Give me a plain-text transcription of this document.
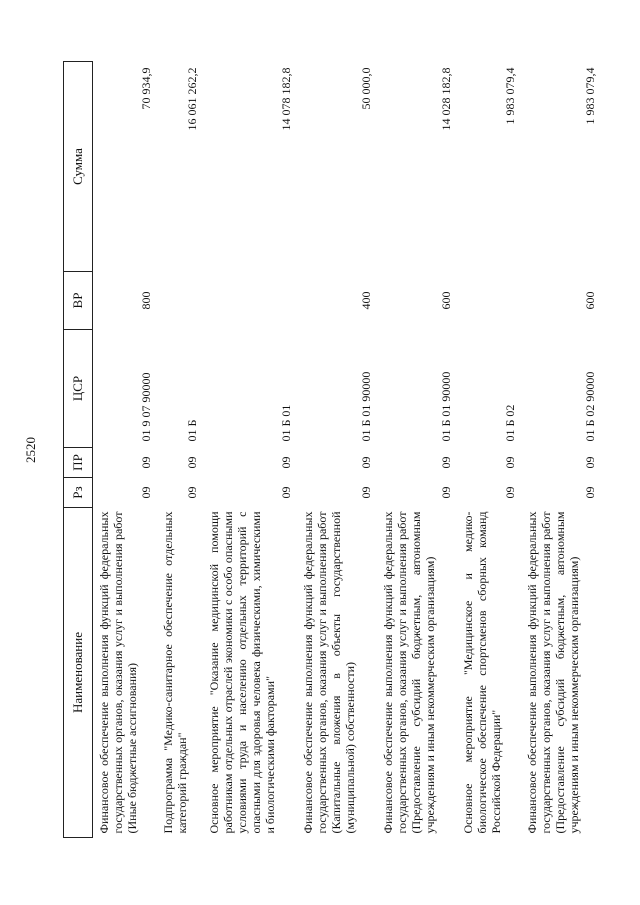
2520
Наименование	Рз	ПР	ЦСР	ВР	Сумма
Финансовое обеспечение выполнения функций федеральных государственных органов, оказания услуг и выполнения работ (Иные бюджетные ассигнования)	09	09	01 9 07 90000	800	70 934,9
Подпрограмма "Медико-санитарное обеспечение отдельных категорий граждан"	09	09	01 Б		16 061 262,2
Основное мероприятие "Оказание медицинской помощи работникам отдельных отраслей экономики с особо опасными условиями труда и населению отдельных территорий с опасными для здоровья человека физическими, химическими и биологическими факторами"	09	09	01 Б 01		14 078 182,8
Финансовое обеспечение выполнения функций федеральных государственных органов, оказания услуг и выполнения работ (Капитальные вложения в объекты государственной (муниципальной) собственности)	09	09	01 Б 01 90000	400	50 000,0
Финансовое обеспечение выполнения функций федеральных государственных органов, оказания услуг и выполнения работ (Предоставление субсидий бюджетным, автономным учреждениям и иным некоммерческим организациям)	09	09	01 Б 01 90000	600	14 028 182,8
Основное мероприятие "Медицинское и медико-биологическое обеспечение спортсменов сборных команд Российской Федерации"	09	09	01 Б 02		1 983 079,4
Финансовое обеспечение выполнения функций федеральных государственных органов, оказания услуг и выполнения работ (Предоставление субсидий бюджетным, автономным учреждениям и иным некоммерческим организациям)	09	09	01 Б 02 90000	600	1 983 079,4
